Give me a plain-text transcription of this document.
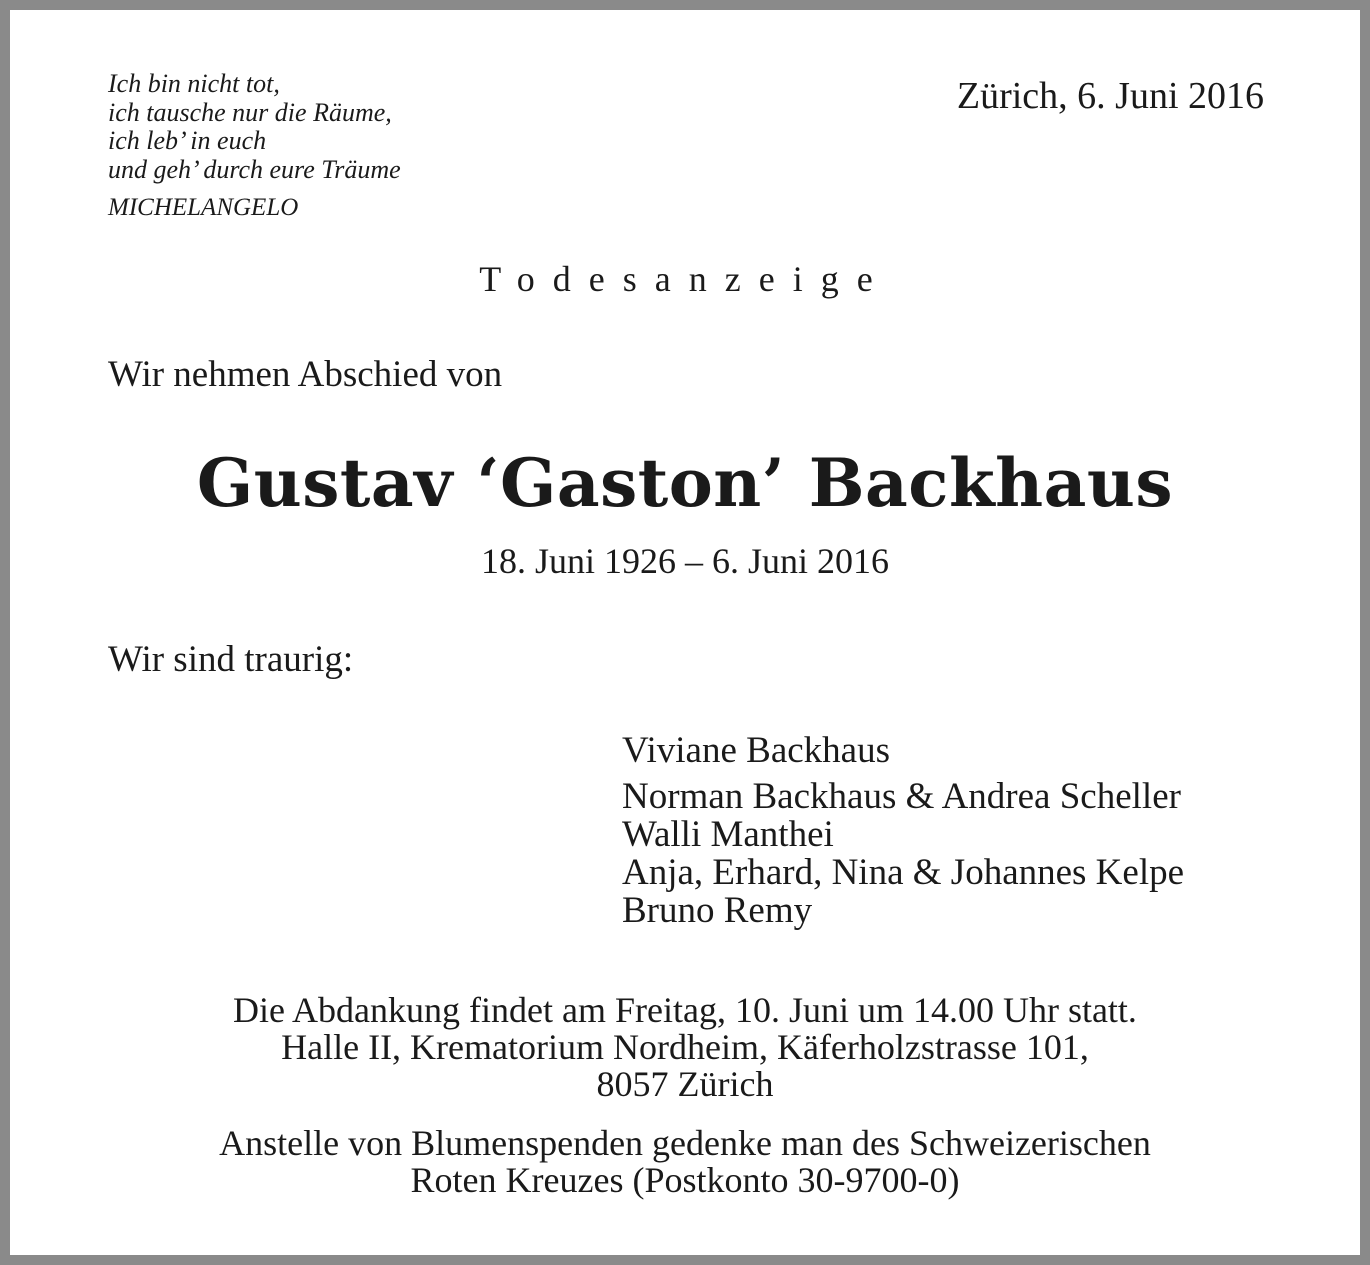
Ich bin nicht tot,
ich tausche nur die Räume,
ich leb’ in euch
und geh’ durch eure Träume
MICHELANGELO
Zürich, 6. Juni 2016
Todesanzeige
Wir nehmen Abschied von
Gustav ‘Gaston’ Backhaus
18. Juni 1926 – 6. Juni 2016
Wir sind traurig:
Viviane Backhaus
Norman Backhaus & Andrea Scheller
Walli Manthei
Anja, Erhard, Nina & Johannes Kelpe
Bruno Remy
Die Abdankung findet am Freitag, 10. Juni um 14.00 Uhr statt.
Halle II, Krematorium Nordheim, Käferholzstrasse 101,
8057 Zürich
Anstelle von Blumenspenden gedenke man des Schweizerischen
Roten Kreuzes (Postkonto 30-9700-0)
